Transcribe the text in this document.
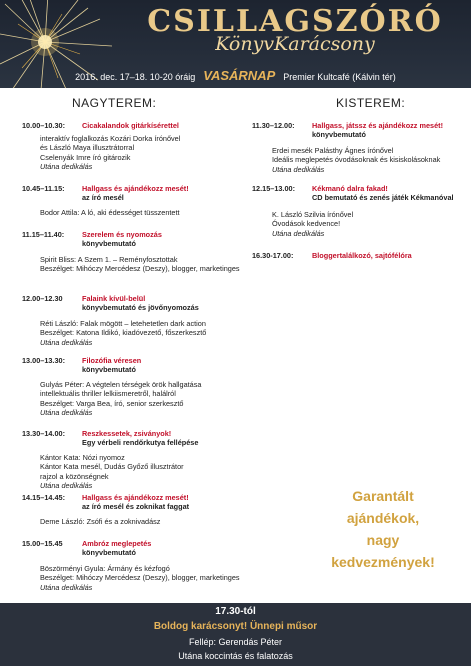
CSILLAGSZÓRÓ
KönyvKarácsony
2016. dec. 17–18. 10-20 óráig VASÁRNAP Premier Kultcafé (Kálvin tér)
NAGYTEREM:	KISTEREM:
10.00–10.30: Cicakalandok gitárkísérettel
interaktív foglalkozás Kozári Dorka írónővel
és László Maya illusztrátorral
Cselenyák Imre író gitározik
Utána dedikálás
10.45–11.15: Hallgass és ajándékozz mesét!
az író mesél
Bodor Attila: A ló, aki édességet tüsszentett
11.15–11.40: Szerelem és nyomozás
könyvbemutató
Spirit Bliss: A Szem 1. – Reményfosztottak
Beszélget: Mihóczy Mercédesz (Deszy), blogger, marketinges
12.00–12.30	Falaink kívül-belül
könyvbemutató és jövőnyomozás
Réti László: Falak mögött – letehetetlen dark action
Beszélget: Katona Ildikó, kiadóvezető, főszerkesztő
Utána dedikálás
13.00–13.30: Filozófia véresen
könyvbemutató
Gulyás Péter: A végtelen térségek örök hallgatása
intellektuális thriller lelkiismeretről, halálról
Beszélget: Varga Bea, író, senior szerkesztő
Utána dedikálás
13.30–14.00: Reszkessetek, zsiványok!
Egy vérbeli rendőrkutya fellépése
Kántor Kata: Nózi nyomoz
Kántor Kata mesél, Dudás Győző illusztrátor
rajzol a közönségnek
Utána dedikálás
14.15–14.45: Hallgass és ajándékozz mesét!
az író mesél és zoknikat faggat
Deme László: Zsófi és a zoknivadász
15.00–15.45	Ambróz meglepetés
könyvbemutató
Böszörményi Gyula: Ármány és kézfogó
Beszélget: Mihóczy Mercédesz (Deszy), blogger, marketinges
Utána dedikálás
11.30–12.00: Hallgass, játssz és ajándékozz mesét!
könyvbemutató
Erdei mesék Palásthy Ágnes írónővel
Ideális meglepetés óvodásoknak és kisiskolásoknak
Utána dedikálás
12.15–13.00: Kékmanó dalra fakad!
CD bemutató és zenés játék Kékmanóval
K. László Szilvia írónővel
Óvodások kedvence!
Utána dedikálás
16.30-17.00:	Bloggertalálkozó, sajtófélóra
Garantált
ajándékok,
nagy
kedvezmények!
17.30-tól
Boldog karácsonyt! Ünnepi műsor
Fellép: Gerendás Péter
Utána koccintás és falatozás
